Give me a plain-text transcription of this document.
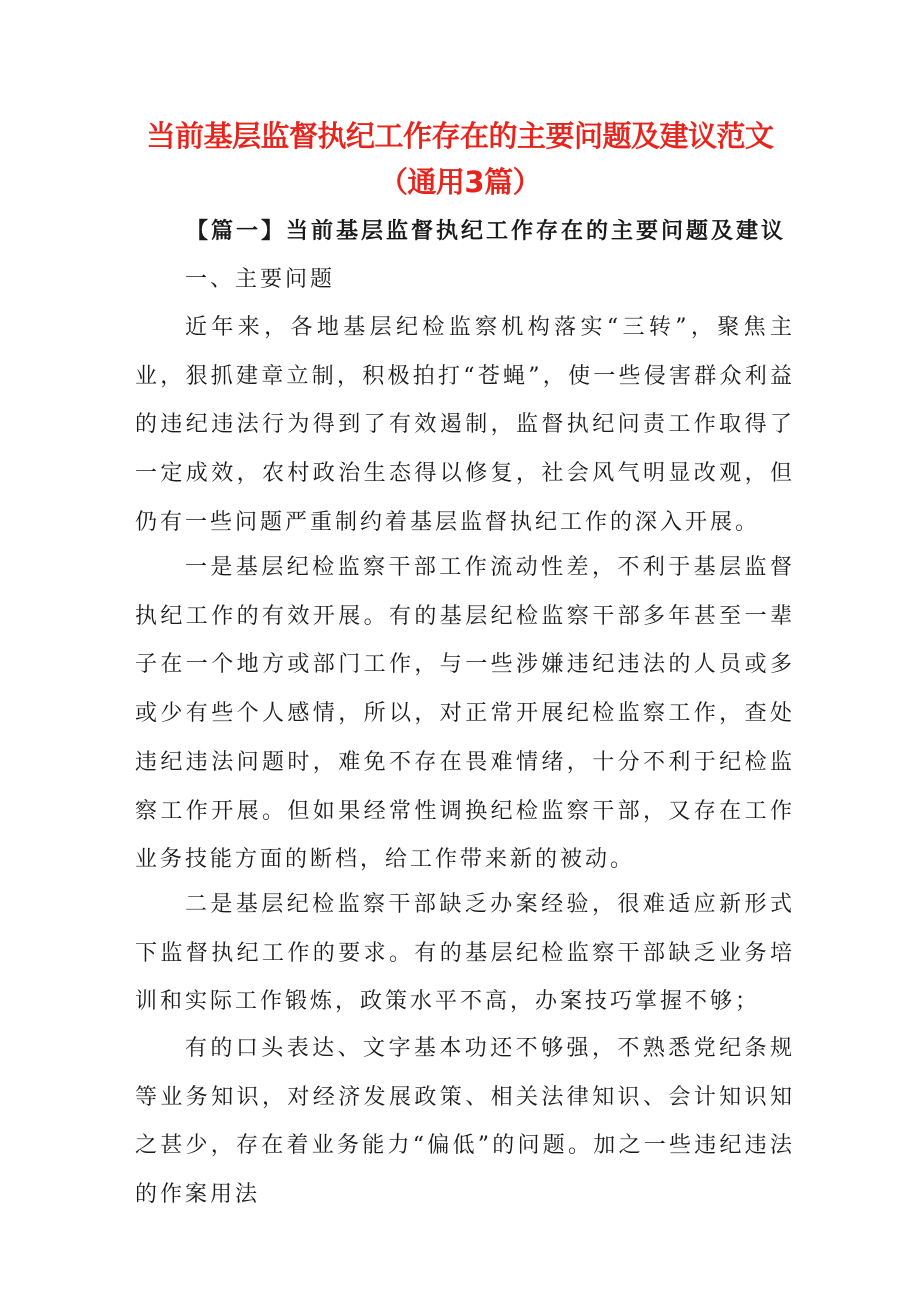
当前基层监督执纪工作存在的主要问题及建议范文
（通用3篇）

【篇一】当前基层监督执纪工作存在的主要问题及建议

一、主要问题

近年来，各地基层纪检监察机构落实“三转”，聚焦主业，狠抓建章立制，积极拍打“苍蝇”，使一些侵害群众利益的违纪违法行为得到了有效遏制，监督执纪问责工作取得了一定成效，农村政治生态得以修复，社会风气明显改观，但仍有一些问题严重制约着基层监督执纪工作的深入开展。

一是基层纪检监察干部工作流动性差，不利于基层监督执纪工作的有效开展。有的基层纪检监察干部多年甚至一辈子在一个地方或部门工作，与一些涉嫌违纪违法的人员或多或少有些个人感情，所以，对正常开展纪检监察工作，查处违纪违法问题时，难免不存在畏难情绪，十分不利于纪检监察工作开展。但如果经常性调换纪检监察干部，又存在工作业务技能方面的断档，给工作带来新的被动。

二是基层纪检监察干部缺乏办案经验，很难适应新形式下监督执纪工作的要求。有的基层纪检监察干部缺乏业务培训和实际工作锻炼，政策水平不高，办案技巧掌握不够；

有的口头表达、文字基本功还不够强，不熟悉党纪条规等业务知识，对经济发展政策、相关法律知识、会计知识知之甚少，存在着业务能力“偏低”的问题。加之一些违纪违法的作案用法
